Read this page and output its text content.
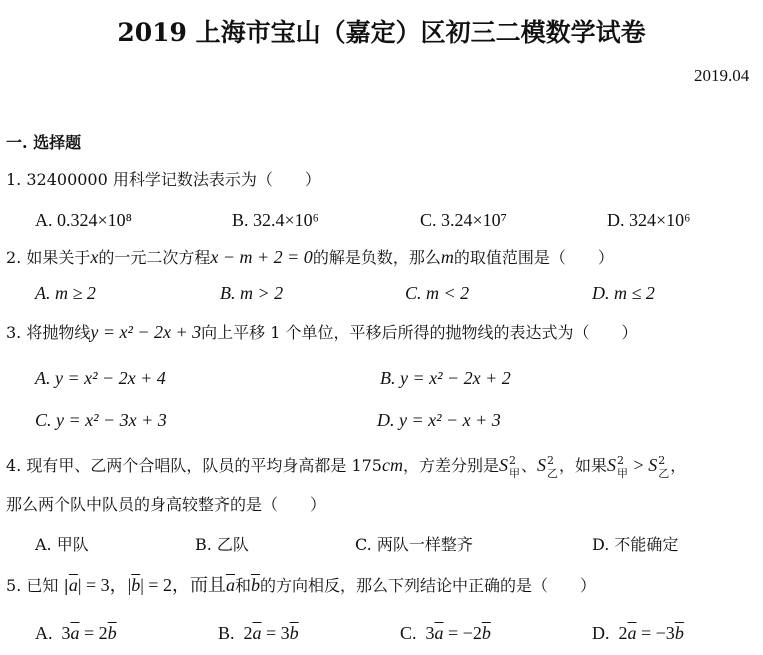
2019 上海市宝山（嘉定）区初三二模数学试卷
2019.04
一. 选择题
1. 32400000 用科学记数法表示为（　　）
A. 0.324×10⁸	B. 32.4×10⁶	C. 3.24×10⁷	D. 324×10⁶
2. 如果关于x的一元二次方程x − m + 2 = 0的解是负数，那么m的取值范围是（　　）
A. m ≥ 2	B. m > 2	C. m < 2	D. m ≤ 2
3. 将抛物线y = x² − 2x + 3向上平移 1 个单位，平移后所得的抛物线的表达式为（　　）
A. y = x² − 2x + 4	B. y = x² − 2x + 2
C. y = x² − 3x + 3	D. y = x² − x + 3
4. 现有甲、乙两个合唱队，队员的平均身高都是 175cm，方差分别是S 2
甲 、S 2
乙 ，如果S 2
甲 > S 2
乙 ，
那么两个队中队员的身高较整齐的是（　　）
A. 甲队	B. 乙队	C. 两队一样整齐	D. 不能确定
5. 已知 $|\overline{a}| = 3$，$|\overline{b}| = 2$，而且$\overline{a}$和$\overline{b}$的方向相反，那么下列结论中正确的是（　　）
A. $3\overline{a} = 2\overline{b}$	B. $2\overline{a} = 3\overline{b}$	C. $3\overline{a} = -2\overline{b}$	D. $2\overline{a} = -3\overline{b}$
